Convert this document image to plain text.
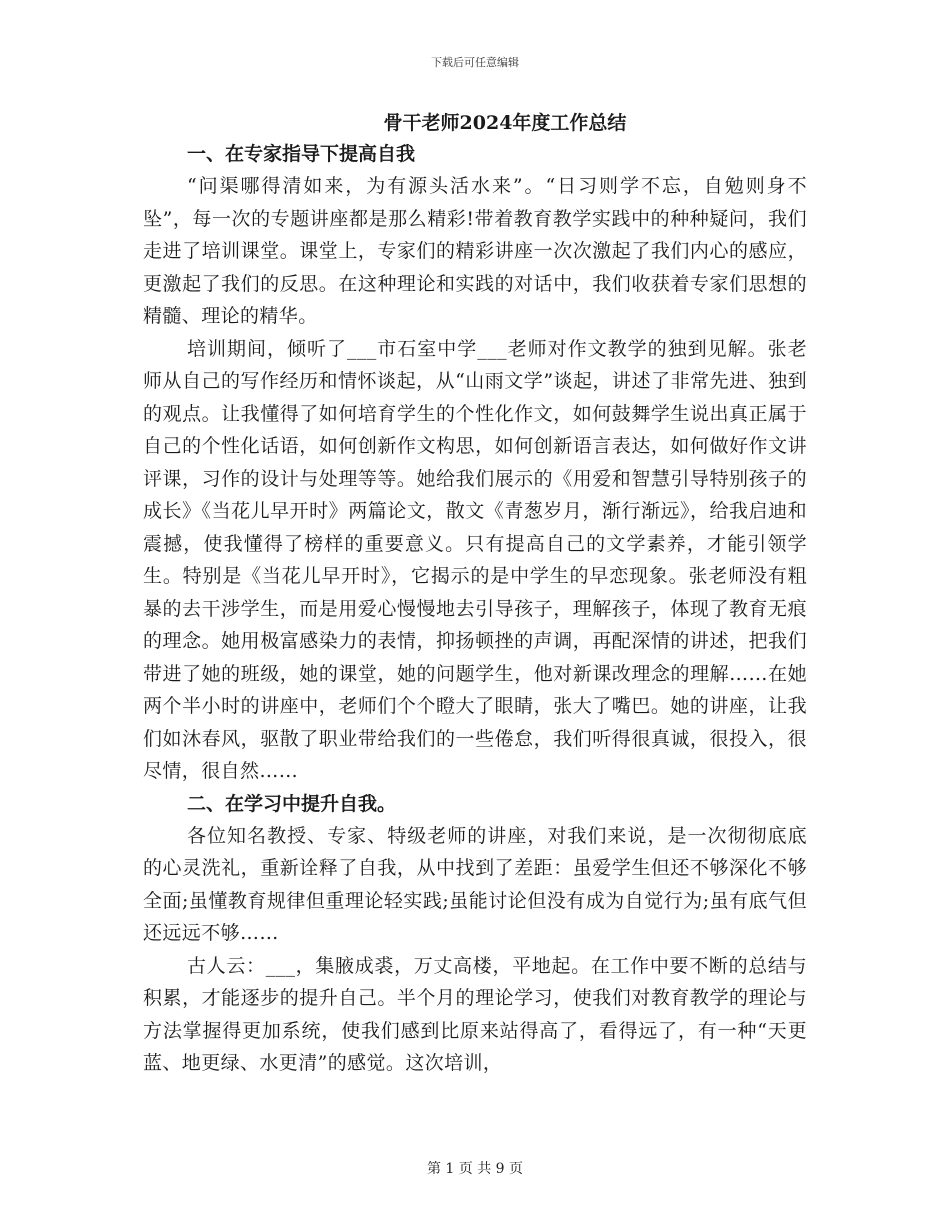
下载后可任意编辑
骨干老师2024年度工作总结
一、在专家指导下提高自我

“问渠哪得清如来，为有源头活水来”。“日习则学不忘，自勉则身不坠”，每一次的专题讲座都是那么精彩!带着教育教学实践中的种种疑问，我们走进了培训课堂。课堂上，专家们的精彩讲座一次次激起了我们内心的感应，更激起了我们的反思。在这种理论和实践的对话中，我们收获着专家们思想的精髓、理论的精华。

培训期间，倾听了___市石室中学___老师对作文教学的独到见解。张老师从自己的写作经历和情怀谈起，从“山雨文学”谈起，讲述了非常先进、独到的观点。让我懂得了如何培育学生的个性化作文，如何鼓舞学生说出真正属于自己的个性化话语，如何创新作文构思，如何创新语言表达，如何做好作文讲评课，习作的设计与处理等等。她给我们展示的《用爱和智慧引导特别孩子的成长》《当花儿早开时》两篇论文，散文《青葱岁月，渐行渐远》，给我启迪和震撼，使我懂得了榜样的重要意义。只有提高自己的文学素养，才能引领学生。特别是《当花儿早开时》，它揭示的是中学生的早恋现象。张老师没有粗暴的去干涉学生，而是用爱心慢慢地去引导孩子，理解孩子，体现了教育无痕的理念。她用极富感染力的表情，抑扬顿挫的声调，再配深情的讲述，把我们带进了她的班级，她的课堂，她的问题学生，他对新课改理念的理解……在她两个半小时的讲座中，老师们个个瞪大了眼睛，张大了嘴巴。她的讲座，让我们如沐春风，驱散了职业带给我们的一些倦怠，我们听得很真诚，很投入，很尽情，很自然……

二、在学习中提升自我。

各位知名教授、专家、特级老师的讲座，对我们来说，是一次彻彻底底的心灵洗礼，重新诠释了自我，从中找到了差距：虽爱学生但还不够深化不够全面;虽懂教育规律但重理论轻实践;虽能讨论但没有成为自觉行为;虽有底气但还远远不够……

古人云：___，集腋成裘，万丈高楼，平地起。在工作中要不断的总结与积累，才能逐步的提升自己。半个月的理论学习，使我们对教育教学的理论与方法掌握得更加系统，使我们感到比原来站得高了，看得远了，有一种“天更蓝、地更绿、水更清”的感觉。这次培训，

第 1 页 共 9 页
